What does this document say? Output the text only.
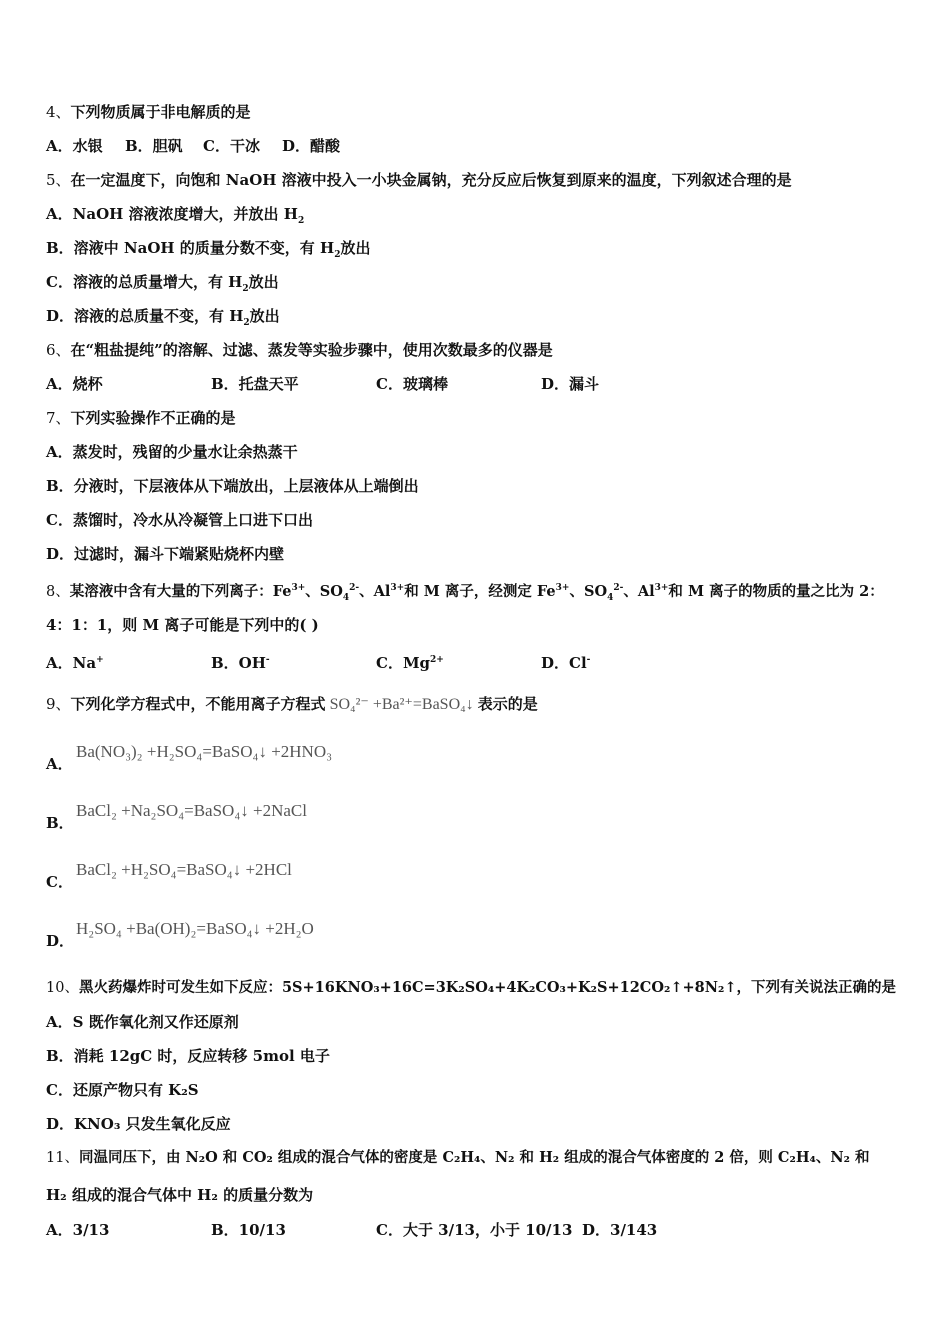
4、下列物质属于非电解质的是
A．水银 B．胆矾 C．干冰 D．醋酸
5、在一定温度下，向饱和 NaOH 溶液中投入一小块金属钠，充分反应后恢复到原来的温度，下列叙述合理的是
A．NaOH 溶液浓度增大，并放出 $H_2$
B．溶液中 NaOH 的质量分数不变，有 $H_2$放出
C．溶液的总质量增大，有 $H_2$放出
D．溶液的总质量不变，有 $H_2$放出
6、在“粗盐提纯”的溶解、过滤、蒸发等实验步骤中，使用次数最多的仪器是
A．烧杯	B．托盘天平	C．玻璃棒	D．漏斗
7、下列实验操作不正确的是
A．蒸发时，残留的少量水让余热蒸干
B．分液时，下层液体从下端放出，上层液体从上端倒出
C．蒸馏时，冷水从冷凝管上口进下口出
D．过滤时，漏斗下端紧贴烧杯内壁
8、某溶液中含有大量的下列离子：$Fe^{3+}$、$SO_4^{2-}$、$Al^{3+}$和 M 离子，经测定 $Fe^{3+}$、$SO_4^{2-}$、$Al^{3+}$和 M 离子的物质的量之比为 2：
4：1：1，则 M 离子可能是下列中的( )
A．Na+	B．OH-	C．$Mg^{2+}$	D．Cl-
9、下列化学方程式中，不能用离子方程式 SO₄²⁻ +Ba²⁺=BaSO₄↓ 表示的是
A．
Ba(NO₃)₂ +H₂SO₄=BaSO₄↓ +2HNO₃
B．
BaCl₂ +Na₂SO₄=BaSO₄↓ +2NaCl
C．
BaCl₂ +H₂SO₄=BaSO₄↓ +2HCl
D．
H₂SO₄ +Ba(OH)₂=BaSO₄↓ +2H₂O
10、黑火药爆炸时可发生如下反应：5S+16KNO₃+16C=3K₂SO₄+4K₂CO₃+K₂S+12CO₂↑+8N₂↑，下列有关说法正确的是
A．S 既作氧化剂又作还原剂
B．消耗 12gC 时，反应转移 5mol 电子
C．还原产物只有 K₂S
D．KNO₃ 只发生氧化反应
11、同温同压下，由 N₂O 和 CO₂ 组成的混合气体的密度是 C₂H₄、N₂ 和 H₂ 组成的混合气体密度的 2 倍，则 C₂H₄、N₂ 和
H₂ 组成的混合气体中 H₂ 的质量分数为
A．3/13	B．10/13	C．大于 3/13，小于 10/13 D．3/143
